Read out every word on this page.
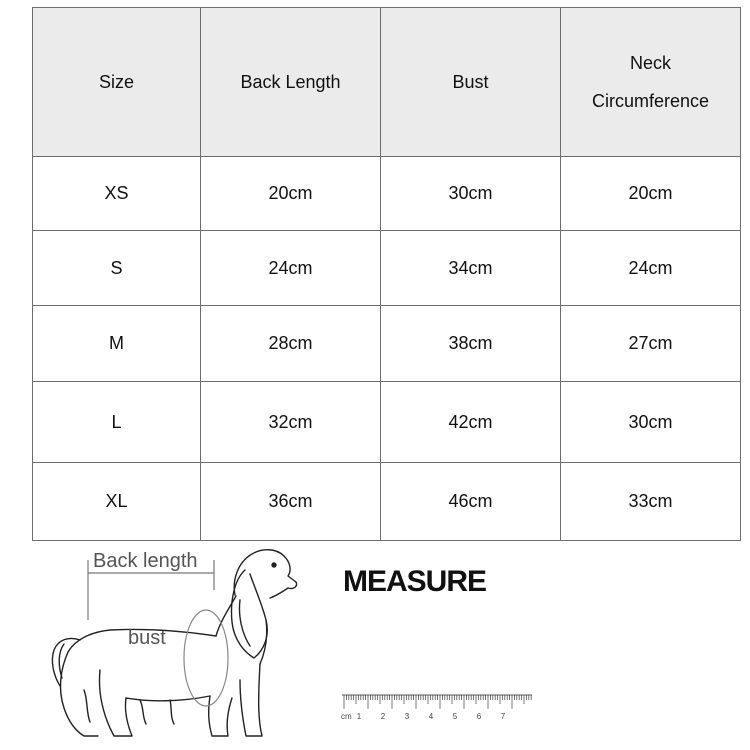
Size	Back Length	Bust	Neck
Circumference

XS	20cm	30cm	20cm
S	24cm	34cm	24cm
M	28cm	38cm	27cm
L	32cm	42cm	30cm
XL	36cm	46cm	33cm
Back length
bust
MEASURE
cm 1 2 3 4 5 6 7
